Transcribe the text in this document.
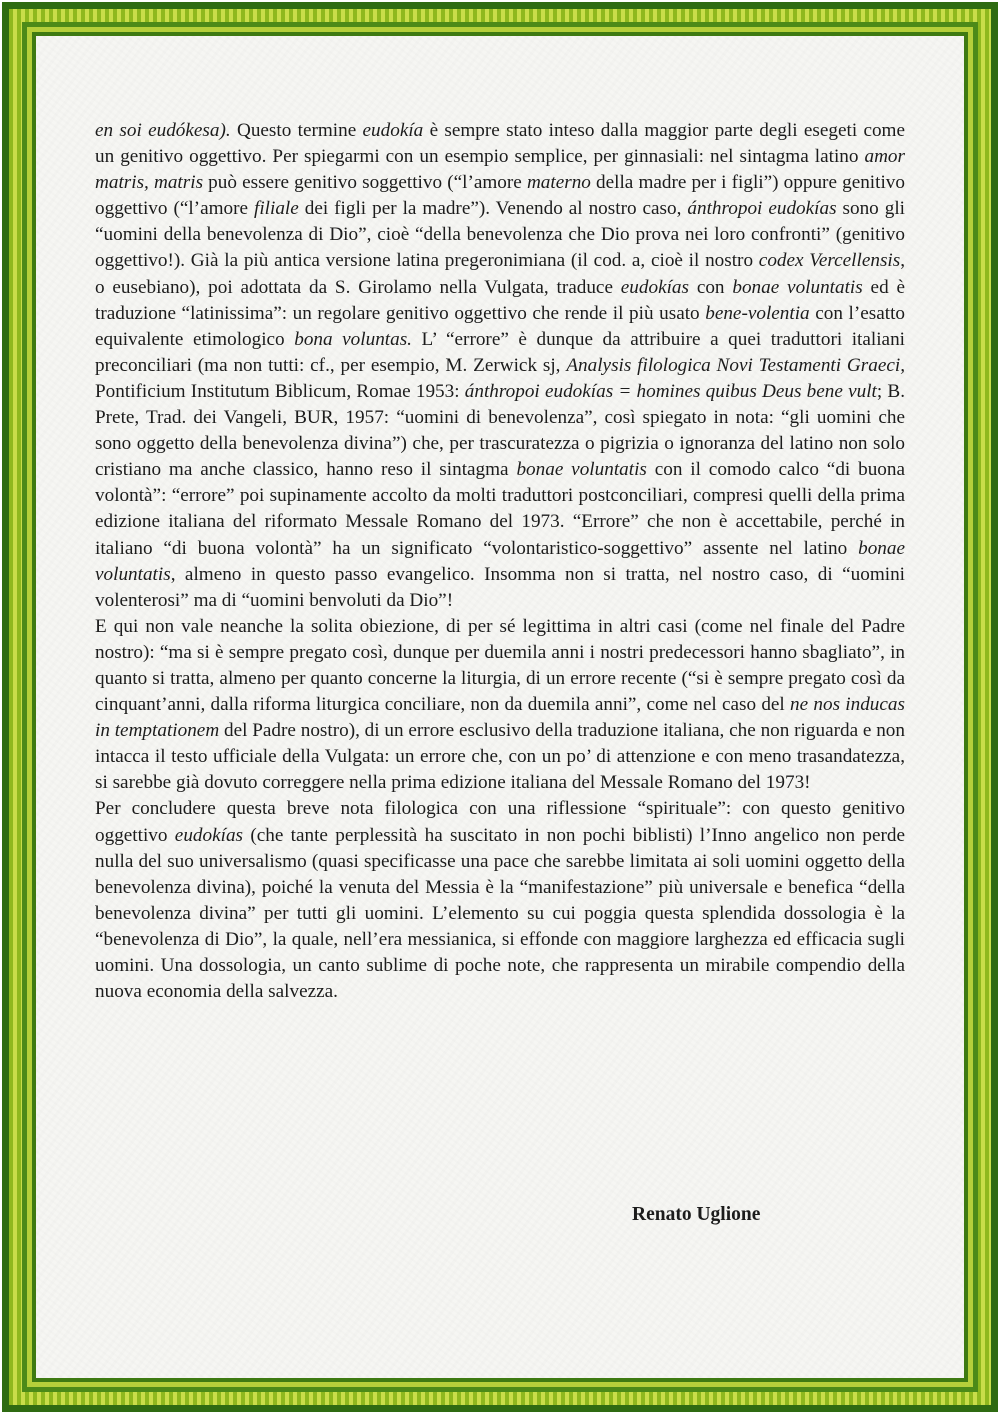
en soi eudókesa). Questo termine eudokía è sempre stato inteso dalla maggior parte degli esegeti come un genitivo oggettivo. Per spiegarmi con un esempio semplice, per ginnasiali: nel sintagma latino amor matris, matris può essere genitivo soggettivo (“l’amore materno della madre per i figli”) oppure genitivo oggettivo (“l’amore filiale dei figli per la madre”). Venendo al nostro caso, ánthropoi eudokías sono gli “uomini della benevolenza di Dio”, cioè “della benevolenza che Dio prova nei loro confronti” (genitivo oggettivo!). Già la più antica versione latina pregeronimiana (il cod. a, cioè il nostro codex Vercellensis, o eusebiano), poi adottata da S. Girolamo nella Vulgata, traduce eudokías con bonae voluntatis ed è traduzione “latinissima”: un regolare genitivo oggettivo che rende il più usato bene-volentia con l’esatto equivalente etimologico bona voluntas. L’ “errore” è dunque da attribuire a quei traduttori italiani preconciliari (ma non tutti: cf., per esempio, M. Zerwick sj, Analysis filologica Novi Testamenti Graeci, Pontificium Institutum Biblicum, Romae 1953: ánthropoi eudokías = homines quibus Deus bene vult; B. Prete, Trad. dei Vangeli, BUR, 1957: “uomini di benevolenza”, così spiegato in nota: “gli uomini che sono oggetto della benevolenza divina”) che, per trascuratezza o pigrizia o ignoranza del latino non solo cristiano ma anche classico, hanno reso il sintagma bonae voluntatis con il comodo calco “di buona volontà”: “errore” poi supinamente accolto da molti traduttori postconciliari, compresi quelli della prima edizione italiana del riformato Messale Romano del 1973. “Errore” che non è accettabile, perché in italiano “di buona volontà” ha un significato “volontaristico-soggettivo” assente nel latino bonae voluntatis, almeno in questo passo evangelico. Insomma non si tratta, nel nostro caso, di “uomini volenterosi” ma di “uomini benvoluti da Dio”!

E qui non vale neanche la solita obiezione, di per sé legittima in altri casi (come nel finale del Padre nostro): “ma si è sempre pregato così, dunque per duemila anni i nostri predecessori hanno sbagliato”, in quanto si tratta, almeno per quanto concerne la liturgia, di un errore recente (“si è sempre pregato così da cinquant’anni, dalla riforma liturgica conciliare, non da duemila anni”, come nel caso del ne nos inducas in temptationem del Padre nostro), di un errore esclusivo della traduzione italiana, che non riguarda e non intacca il testo ufficiale della Vulgata: un errore che, con un po’ di attenzione e con meno trasandatezza, si sarebbe già dovuto correggere nella prima edizione italiana del Messale Romano del 1973!

Per concludere questa breve nota filologica con una riflessione “spirituale”: con questo genitivo oggettivo eudokías (che tante perplessità ha suscitato in non pochi biblisti) l’Inno angelico non perde nulla del suo universalismo (quasi specificasse una pace che sarebbe limitata ai soli uomini oggetto della benevolenza divina), poiché la venuta del Messia è la “manifestazione” più universale e benefica “della benevolenza divina” per tutti gli uomini. L’elemento su cui poggia questa splendida dossologia è la “benevolenza di Dio”, la quale, nell’era messianica, si effonde con maggiore larghezza ed efficacia sugli uomini. Una dossologia, un canto sublime di poche note, che rappresenta un mirabile compendio della nuova economia della salvezza.

Renato Uglione
